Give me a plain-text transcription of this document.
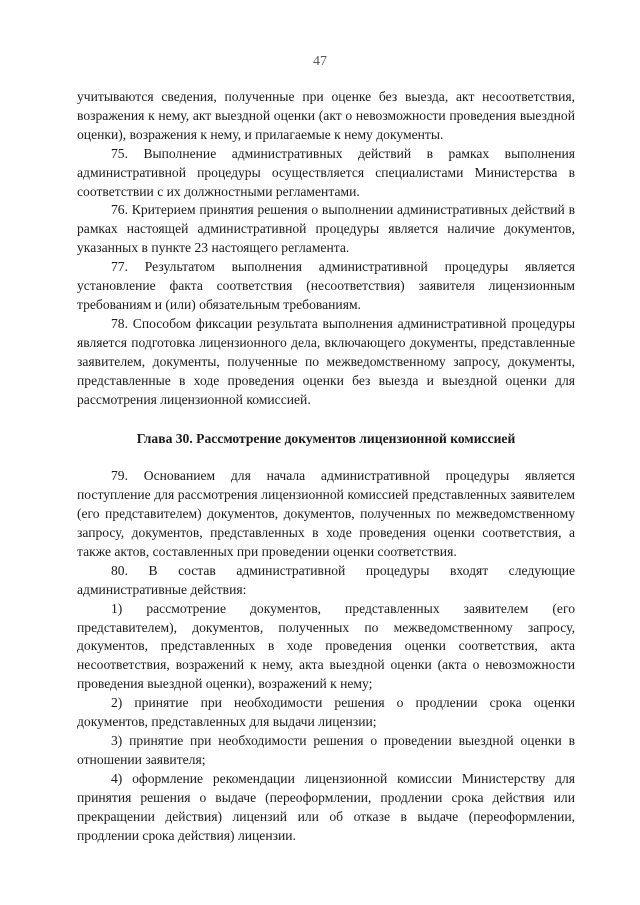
47

учитываются сведения, полученные при оценке без выезда, акт несоответствия, возражения к нему, акт выездной оценки (акт о невозможности проведения выездной оценки), возражения к нему, и прилагаемые к нему документы.

75. Выполнение административных действий в рамках выполнения административной процедуры осуществляется специалистами Министерства в соответствии с их должностными регламентами.

76. Критерием принятия решения о выполнении административных действий в рамках настоящей административной процедуры является наличие документов, указанных в пункте 23 настоящего регламента.

77. Результатом выполнения административной процедуры является установление факта соответствия (несоответствия) заявителя лицензионным требованиям и (или) обязательным требованиям.

78. Способом фиксации результата выполнения административной процедуры является подготовка лицензионного дела, включающего документы, представленные заявителем, документы, полученные по межведомственному запросу, документы, представленные в ходе проведения оценки без выезда и выездной оценки для рассмотрения лицензионной комиссией.

Глава 30. Рассмотрение документов лицензионной комиссией

79. Основанием для начала административной процедуры является поступление для рассмотрения лицензионной комиссией представленных заявителем (его представителем) документов, документов, полученных по межведомственному запросу, документов, представленных в ходе проведения оценки соответствия, а также актов, составленных при проведении оценки соответствия.

80. В состав административной процедуры входят следующие административные действия:

1) рассмотрение документов, представленных заявителем (его представителем), документов, полученных по межведомственному запросу, документов, представленных в ходе проведения оценки соответствия, акта несоответствия, возражений к нему, акта выездной оценки (акта о невозможности проведения выездной оценки), возражений к нему;

2) принятие при необходимости решения о продлении срока оценки документов, представленных для выдачи лицензии;

3) принятие при необходимости решения о проведении выездной оценки в отношении заявителя;

4) оформление рекомендации лицензионной комиссии Министерству для принятия решения о выдаче (переоформлении, продлении срока действия или прекращении действия) лицензий или об отказе в выдаче (переоформлении, продлении срока действия) лицензии.
